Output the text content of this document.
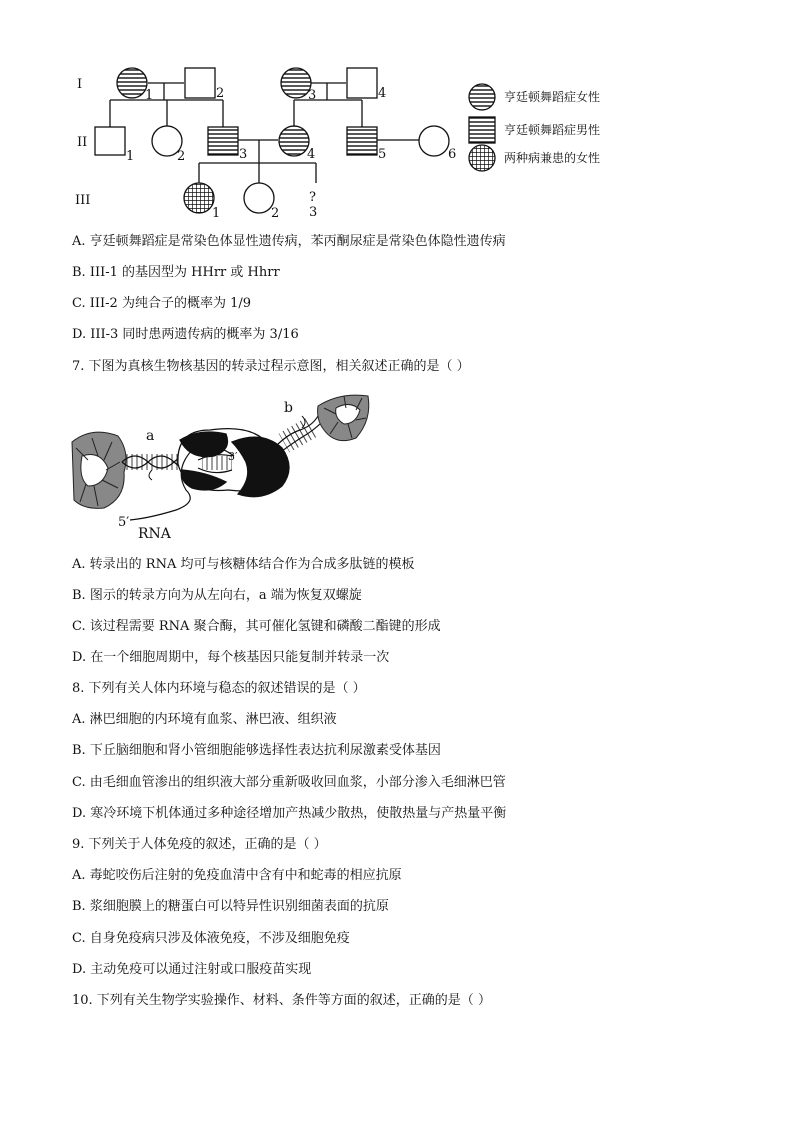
I
II
III
1	2	3	4
1	2	3	4	5	6
1	2
?
3
亨廷顿舞蹈症女性
亨廷顿舞蹈症男性
两种病兼患的女性
A. 亨廷顿舞蹈症是常染色体显性遗传病，苯丙酮尿症是常染色体隐性遗传病
B. III-1 的基因型为 HHrr 或 Hhrr
C. III-2 为纯合子的概率为 1/9
D. III-3 同时患两遗传病的概率为 3/16
7. 下图为真核生物核基因的转录过程示意图，相关叙述正确的是（ ）
a
3′
5′
RNA
b
A. 转录出的 RNA 均可与核糖体结合作为合成多肽链的模板
B. 图示的转录方向为从左向右，a 端为恢复双螺旋
C. 该过程需要 RNA 聚合酶，其可催化氢键和磷酸二酯键的形成
D. 在一个细胞周期中，每个核基因只能复制并转录一次
8. 下列有关人体内环境与稳态的叙述错误的是（ ）
A. 淋巴细胞的内环境有血浆、淋巴液、组织液
B. 下丘脑细胞和肾小管细胞能够选择性表达抗利尿激素受体基因
C. 由毛细血管渗出的组织液大部分重新吸收回血浆，小部分渗入毛细淋巴管
D. 寒冷环境下机体通过多种途径增加产热减少散热，使散热量与产热量平衡
9. 下列关于人体免疫的叙述，正确的是（ ）
A. 毒蛇咬伤后注射的免疫血清中含有中和蛇毒的相应抗原
B. 浆细胞膜上的糖蛋白可以特异性识别细菌表面的抗原
C. 自身免疫病只涉及体液免疫，不涉及细胞免疫
D. 主动免疫可以通过注射或口服疫苗实现
10. 下列有关生物学实验操作、材料、条件等方面的叙述，正确的是（ ）
